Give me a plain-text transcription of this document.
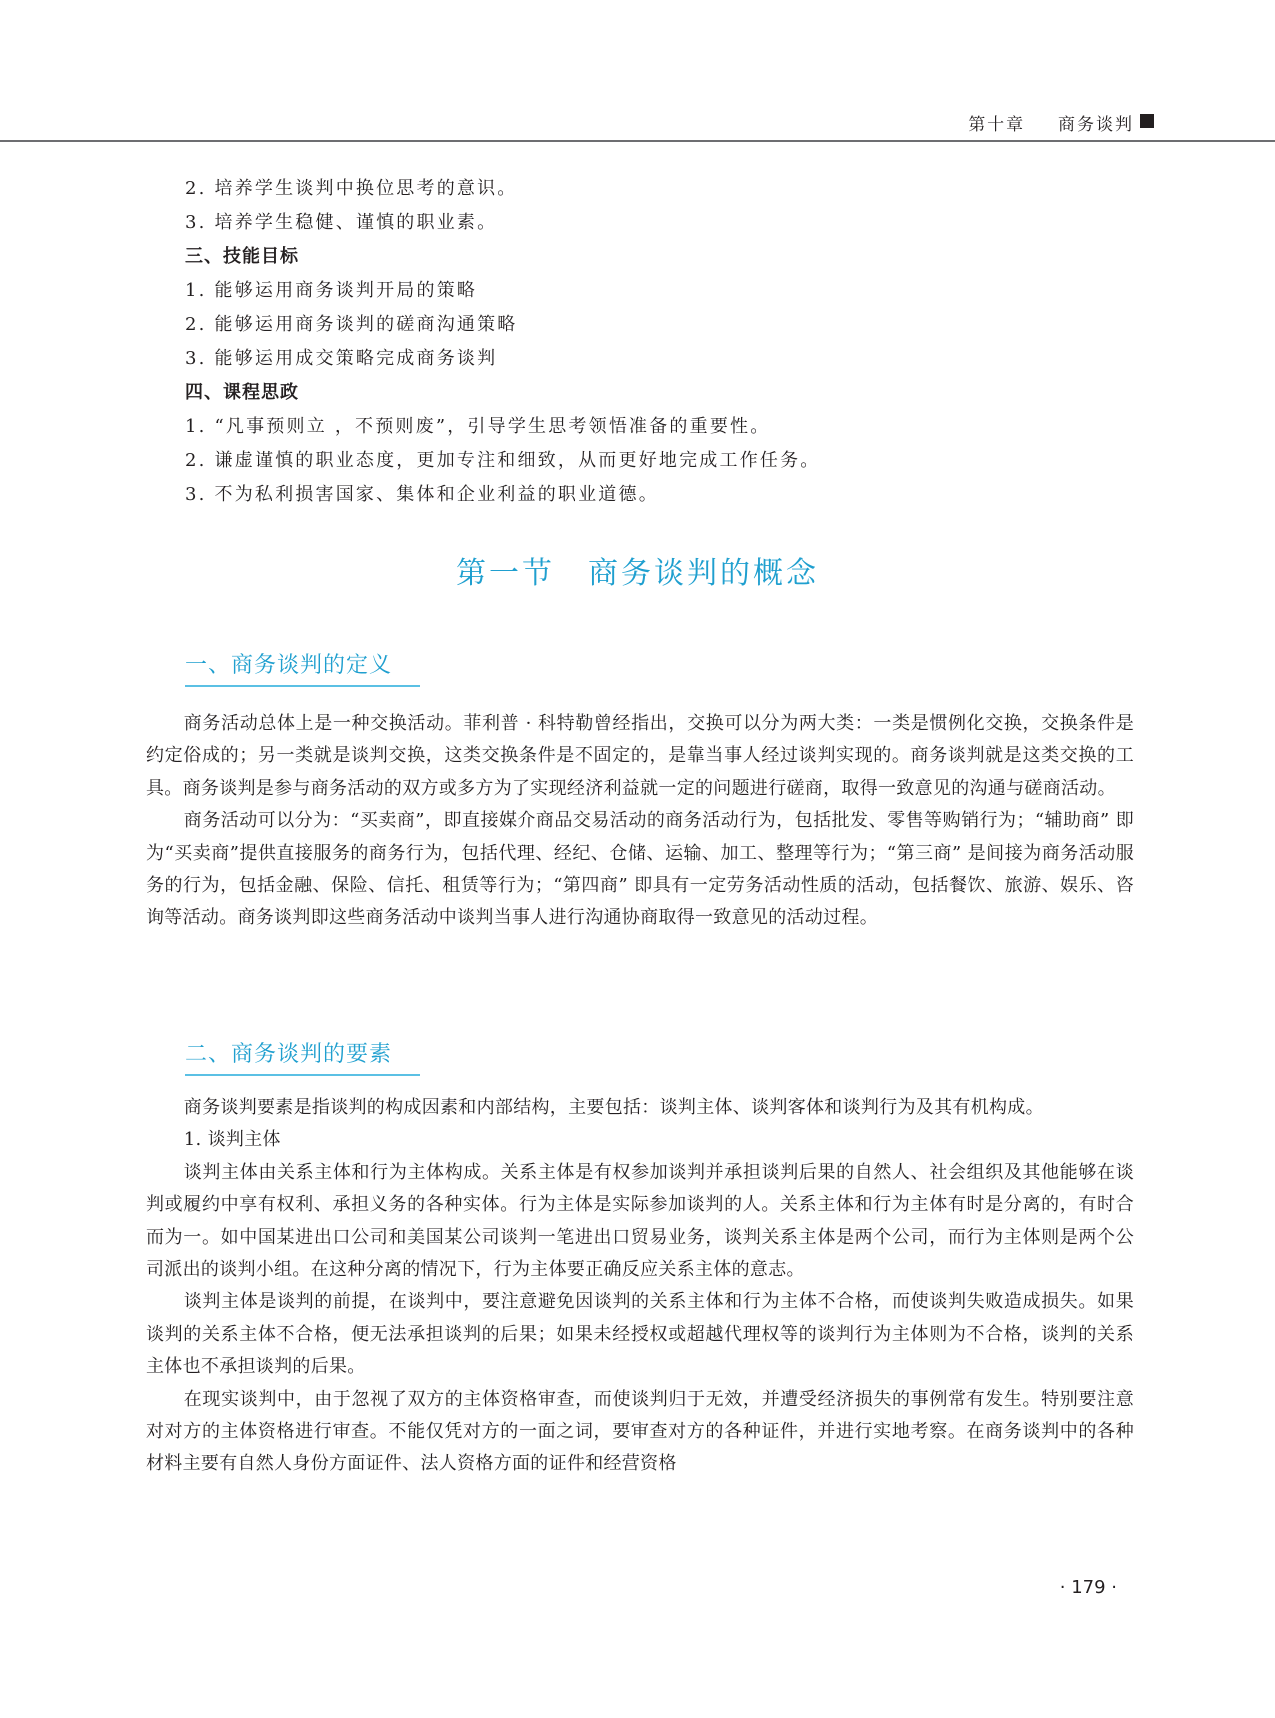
第十章 商务谈判
2. 培养学生谈判中换位思考的意识。
3. 培养学生稳健、谨慎的职业素。
三、技能目标
1. 能够运用商务谈判开局的策略
2. 能够运用商务谈判的磋商沟通策略
3. 能够运用成交策略完成商务谈判
四、课程思政
1. “凡事预则立 ，不预则废”，引导学生思考领悟准备的重要性。
2. 谦虚谨慎的职业态度，更加专注和细致，从而更好地完成工作任务。
3. 不为私利损害国家、集体和企业利益的职业道德。
第一节　商务谈判的概念
一、商务谈判的定义

商务活动总体上是一种交换活动。菲利普 · 科特勒曾经指出，交换可以分为两大类：一类是惯例化交换，交换条件是约定俗成的；另一类就是谈判交换，这类交换条件是不固定的，是靠当事人经过谈判实现的。商务谈判就是这类交换的工具。商务谈判是参与商务活动的双方或多方为了实现经济利益就一定的问题进行磋商，取得一致意见的沟通与磋商活动。

商务活动可以分为：“买卖商”，即直接媒介商品交易活动的商务活动行为，包括批发、零售等购销行为；“辅助商” 即为“买卖商”提供直接服务的商务行为，包括代理、经纪、仓储、运输、加工、整理等行为；“第三商” 是间接为商务活动服务的行为，包括金融、保险、信托、租赁等行为；“第四商” 即具有一定劳务活动性质的活动，包括餐饮、旅游、娱乐、咨询等活动。商务谈判即这些商务活动中谈判当事人进行沟通协商取得一致意见的活动过程。

二、商务谈判的要素

商务谈判要素是指谈判的构成因素和内部结构，主要包括：谈判主体、谈判客体和谈判行为及其有机构成。

1. 谈判主体

谈判主体由关系主体和行为主体构成。关系主体是有权参加谈判并承担谈判后果的自然人、社会组织及其他能够在谈判或履约中享有权利、承担义务的各种实体。行为主体是实际参加谈判的人。关系主体和行为主体有时是分离的，有时合而为一。如中国某进出口公司和美国某公司谈判一笔进出口贸易业务，谈判关系主体是两个公司，而行为主体则是两个公司派出的谈判小组。在这种分离的情况下，行为主体要正确反应关系主体的意志。

谈判主体是谈判的前提，在谈判中，要注意避免因谈判的关系主体和行为主体不合格，而使谈判失败造成损失。如果谈判的关系主体不合格，便无法承担谈判的后果；如果未经授权或超越代理权等的谈判行为主体则为不合格，谈判的关系主体也不承担谈判的后果。

在现实谈判中，由于忽视了双方的主体资格审查，而使谈判归于无效，并遭受经济损失的事例常有发生。特别要注意对对方的主体资格进行审查。不能仅凭对方的一面之词，要审查对方的各种证件，并进行实地考察。在商务谈判中的各种材料主要有自然人身份方面证件、法人资格方面的证件和经营资格

· 179 ·
